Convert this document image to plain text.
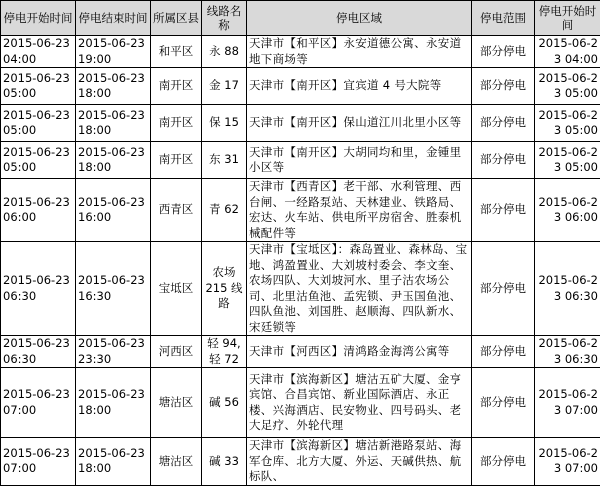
停电开始时间	停电结束时间	所属区县	线路名称	停电区域	停电范围	停电开始时间
2015-06-23 04:00	2015-06-23 19:00	和平区	永 88	天津市【和平区】永安道德公寓、永安道地下商场等	部分停电	2015-06-23 04:00
2015-06-23 05:00	2015-06-23 18:00	南开区	金 17	天津市【南开区】宜宾道 4 号大院等	部分停电	2015-06-23 05:00
2015-06-23 05:00	2015-06-23 18:00	南开区	保 15	天津市【南开区】保山道江川北里小区等	部分停电	2015-06-23 05:00
2015-06-23 05:00	2015-06-23 18:00	南开区	东 31	天津市【南开区】大胡同均和里，金锺里小区等	部分停电	2015-06-23 05:00
2015-06-23 06:00	2015-06-23 16:00	西青区	青 62	天津市【西青区】老干部、水利管理、西台闸、一经路泵站、天林建业、铁路局、宏达、火车站、供电所平房宿舍、胜泰机械配件等	部分停电	2015-06-23 06:00
2015-06-23 06:30	2015-06-23 16:30	宝坻区	农场 215 线路	天津市【宝坻区】：森岛置业、森林岛、宝地、鸿盈置业、大刘坡村委会、李文奎、农场四队、大刘坡河水、里子沽农场公司、北里沽鱼池、孟宪锁、尹玉国鱼池、四队鱼池、刘国胜、赵顺海、四队新水、宋廷锁等	部分停电	2015-06-23 06:30
2015-06-23 06:30	2015-06-23 23:30	河西区	轻 94, 轻 72	天津市【河西区】清鸿路金海湾公寓等	部分停电	2015-06-23 06:30
2015-06-23 07:00	2015-06-23 18:00	塘沽区	碱 56	天津市【滨海新区】塘沽五矿大厦、金亨宾馆、合昌宾馆、新业国际酒店、永正楼、兴海酒店、民安物业、四号码头、老大足疗、外轮代理	部分停电	2015-06-23 07:00
2015-06-23 07:00	2015-06-23 18:00	塘沽区	碱 33	天津市【滨海新区】塘沽新港路泵站、海军仓库、北方大厦、外运、天碱供热、航标队、	部分停电	2015-06-23 07:00
